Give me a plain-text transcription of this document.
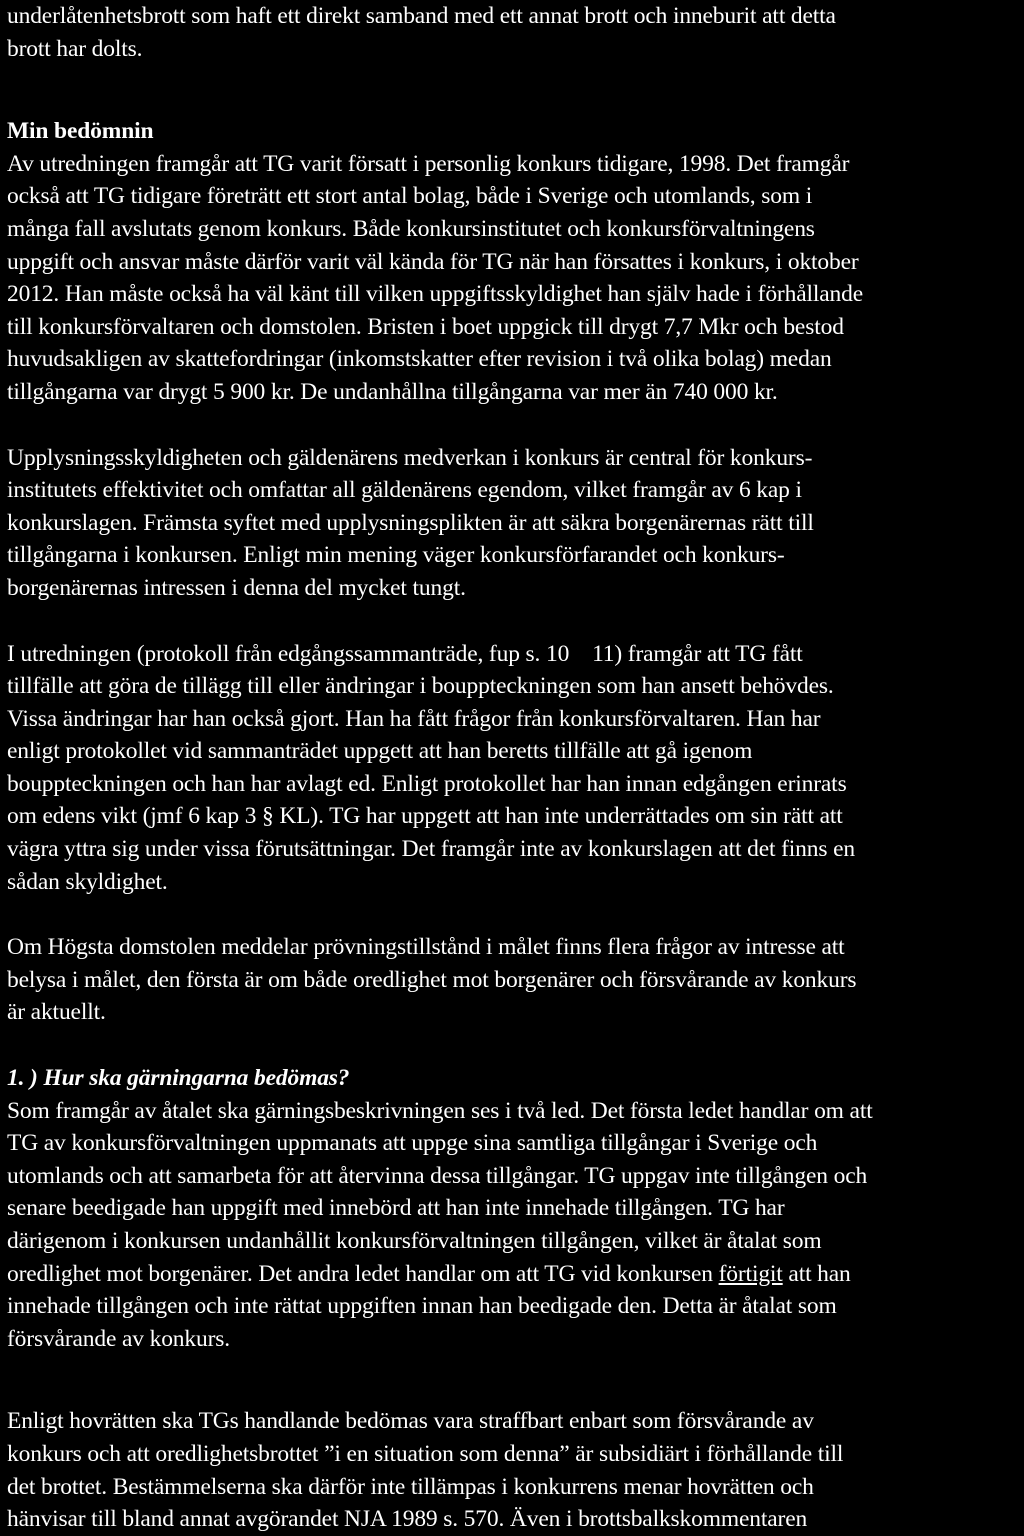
underlåtenhetsbrott som haft ett direkt samband med ett annat brott och inneburit att detta
brott har dolts.
Min bedömnin
Av utredningen framgår att TG varit försatt i personlig konkurs tidigare, 1998. Det framgår
också att TG tidigare företrätt ett stort antal bolag, både i Sverige och utomlands, som i
många fall avslutats genom konkurs. Både konkursinstitutet och konkursförvaltningens
uppgift och ansvar måste därför varit väl kända för TG när han försattes i konkurs, i oktober
2012. Han måste också ha väl känt till vilken uppgiftsskyldighet han själv hade i förhållande
till konkursförvaltaren och domstolen. Bristen i boet uppgick till drygt 7,7 Mkr och bestod
huvudsakligen av skattefordringar (inkomstskatter efter revision i två olika bolag) medan
tillgångarna var drygt 5 900 kr. De undanhållna tillgångarna var mer än 740 000 kr.
Upplysningsskyldigheten och gäldenärens medverkan i konkurs är central för konkurs-
institutets effektivitet och omfattar all gäldenärens egendom, vilket framgår av 6 kap i
konkurslagen. Främsta syftet med upplysningsplikten är att säkra borgenärernas rätt till
tillgångarna i konkursen. Enligt min mening väger konkursförfarandet och konkurs-
borgenärernas intressen i denna del mycket tungt.
I utredningen (protokoll från edgångssammanträde, fup s. 10    11) framgår att TG fått
tillfälle att göra de tillägg till eller ändringar i bouppteckningen som han ansett behövdes.
Vissa ändringar har han också gjort. Han ha fått frågor från konkursförvaltaren. Han har
enligt protokollet vid sammanträdet uppgett att han beretts tillfälle att gå igenom
bouppteckningen och han har avlagt ed. Enligt protokollet har han innan edgången erinrats
om edens vikt (jmf 6 kap 3 § KL). TG har uppgett att han inte underrättades om sin rätt att
vägra yttra sig under vissa förutsättningar. Det framgår inte av konkurslagen att det finns en
sådan skyldighet.
Om Högsta domstolen meddelar prövningstillstånd i målet finns flera frågor av intresse att
belysa i målet, den första är om både oredlighet mot borgenärer och försvårande av konkurs
är aktuellt.
1. ) Hur ska gärningarna bedömas?
Som framgår av åtalet ska gärningsbeskrivningen ses i två led. Det första ledet handlar om att
TG av konkursförvaltningen uppmanats att uppge sina samtliga tillgångar i Sverige och
utomlands och att samarbeta för att återvinna dessa tillgångar. TG uppgav inte tillgången och
senare beedigade han uppgift med innebörd att han inte innehade tillgången. TG har
därigenom i konkursen undanhållit konkursförvaltningen tillgången, vilket är åtalat som
oredlighet mot borgenärer. Det andra ledet handlar om att TG vid konkursen förtigit att han
innehade tillgången och inte rättat uppgiften innan han beedigade den. Detta är åtalat som
försvårande av konkurs.
Enligt hovrätten ska TGs handlande bedömas vara straffbart enbart som försvårande av
konkurs och att oredlighetsbrottet ”i en situation som denna” är subsidiärt i förhållande till
det brottet. Bestämmelserna ska därför inte tillämpas i konkurrens menar hovrätten och
hänvisar till bland annat avgörandet NJA 1989 s. 570. Även i brottsbalkskommentaren
